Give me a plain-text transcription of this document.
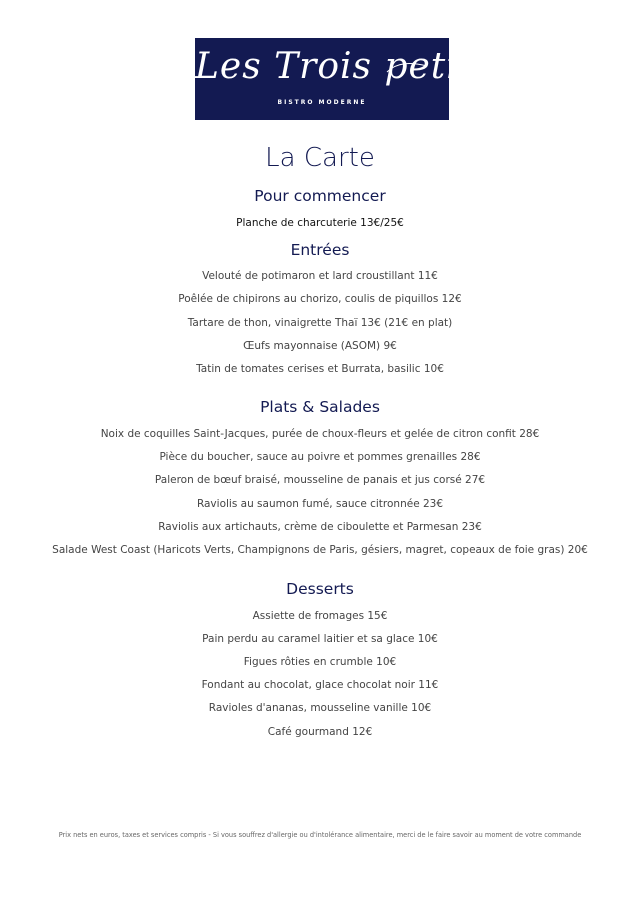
Les Trois petits
BISTRO MODERNE
La Carte
Pour commencer
Planche de charcuterie 13€/25€
Entrées
Velouté de potimaron et lard croustillant 11€
Poêlée de chipirons au chorizo, coulis de piquillos 12€
Tartare de thon, vinaigrette Thaï 13€ (21€ en plat)
Œufs mayonnaise (ASOM) 9€
Tatin de tomates cerises et Burrata, basilic 10€
Plats & Salades
Noix de coquilles Saint-Jacques, purée de choux-fleurs et gelée de citron confit 28€
Pièce du boucher, sauce au poivre et pommes grenailles 28€
Paleron de bœuf braisé, mousseline de panais et jus corsé 27€
Raviolis au saumon fumé, sauce citronnée 23€
Raviolis aux artichauts, crème de ciboulette et Parmesan 23€
Salade West Coast (Haricots Verts, Champignons de Paris, gésiers, magret, copeaux de foie gras) 20€
Desserts
Assiette de fromages 15€
Pain perdu au caramel laitier et sa glace 10€
Figues rôties en crumble 10€
Fondant au chocolat, glace chocolat noir 11€
Ravioles d'ananas, mousseline vanille 10€
Café gourmand 12€
Prix nets en euros, taxes et services compris - Si vous souffrez d'allergie ou d'intolérance alimentaire, merci de le faire savoir au moment de votre commande
